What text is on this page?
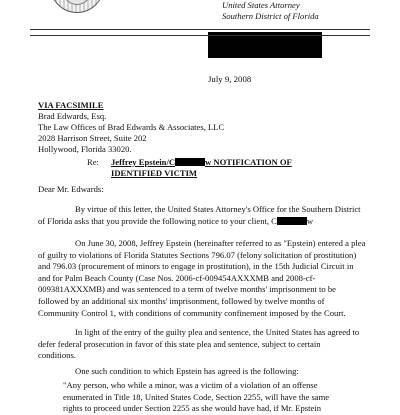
United States Attorney
Southern District of Florida
July 9, 2008
VIA FACSIMILE
Brad Edwards, Esq.
The Law Offices of Brad Edwards & Associates, LLC
2028 Harrison Street, Suite 202
Hollywood, Florida 33020.
Re: Jeffrey Epstein/C	w NOTIFICATION OF
IDENTIFIED VICTIM
Dear Mr. Edwards:
By virtue of this letter, the United States Attorney's Office for the Southern District
of Florida asks that you provide the following notice to your client, C	w
On June 30, 2008, Jeffrey Epstein (hereinafter referred to as "Epstein) entered a plea
of guilty to violations of Florida Statutes Sections 796.07 (felony solicitation of prostitution)
and 796.03 (procurement of minors to engage in prostitution), in the 15th Judicial Circuit in
and for Palm Beach County (Case Nos. 2006-cf-009454AXXXMB and 2008-cf-
009381AXXXMB) and was sentenced to a term of twelve months' imprisonment to be
followed by an additional six months' imprisonment, followed by twelve months of
Community Control 1, with conditions of community confinement imposed by the Court.
In light of the entry of the guilty plea and sentence, the United States has agreed to
defer federal prosecution in favor of this state plea and sentence, subject to certain
conditions.
One such condition to which Epstein has agreed is the following:
"Any person, who while a minor, was a victim of a violation of an offense
enumerated in Title 18, United States Code, Section 2255, will have the same
rights to proceed under Section 2255 as she would have had, if Mr. Epstein
